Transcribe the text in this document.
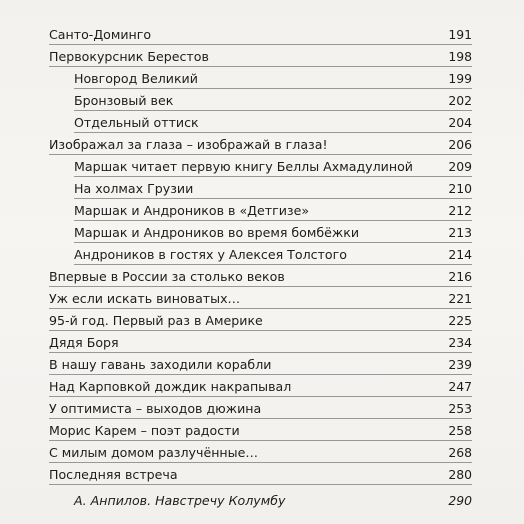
Санто-Доминго	191
Первокурсник Берестов	198
Новгород Великий	199
Бронзовый век	202
Отдельный оттиск	204
Изображал за глаза – изображай в глаза!	206
Маршак читает первую книгу Беллы Ахмадулиной	209
На холмах Грузии	210
Маршак и Андроников в «Детгизе»	212
Маршак и Андроников во время бомбёжки	213
Андроников в гостях у Алексея Толстого	214
Впервые в России за столько веков	216
Уж если искать виноватых…	221
95-й год. Первый раз в Америке	225
Дядя Боря	234
В нашу гавань заходили корабли	239
Над Карповкой дождик накрапывал	247
У оптимиста – выходов дюжина	253
Морис Карем – поэт радости	258
С милым домом разлучённые…	268
Последняя встреча	280
А. Анпилов. Навстречу Колумбу	290
